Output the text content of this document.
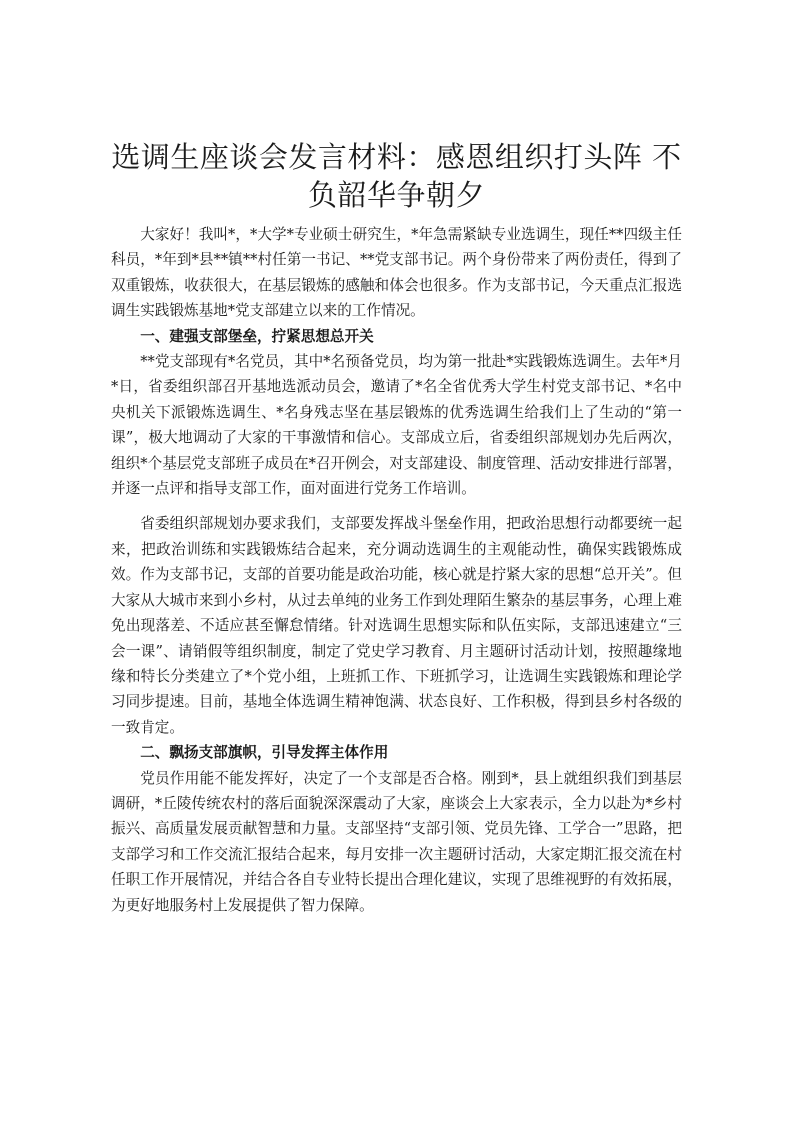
选调生座谈会发言材料：感恩组织打头阵 不负韶华争朝夕

大家好！我叫*，*大学*专业硕士研究生，*年急需紧缺专业选调生，现任**四级主任科员，*年到*县**镇**村任第一书记、**党支部书记。两个身份带来了两份责任，得到了双重锻炼，收获很大，在基层锻炼的感触和体会也很多。作为支部书记，今天重点汇报选调生实践锻炼基地*党支部建立以来的工作情况。

一、建强支部堡垒，拧紧思想总开关

**党支部现有*名党员，其中*名预备党员，均为第一批赴*实践锻炼选调生。去年*月*日，省委组织部召开基地选派动员会，邀请了*名全省优秀大学生村党支部书记、*名中央机关下派锻炼选调生、*名身残志坚在基层锻炼的优秀选调生给我们上了生动的“第一课”，极大地调动了大家的干事激情和信心。支部成立后，省委组织部规划办先后两次，组织*个基层党支部班子成员在*召开例会，对支部建设、制度管理、活动安排进行部署，并逐一点评和指导支部工作，面对面进行党务工作培训。

省委组织部规划办要求我们，支部要发挥战斗堡垒作用，把政治思想行动都要统一起来，把政治训练和实践锻炼结合起来，充分调动选调生的主观能动性，确保实践锻炼成效。作为支部书记，支部的首要功能是政治功能，核心就是拧紧大家的思想“总开关”。但大家从大城市来到小乡村，从过去单纯的业务工作到处理陌生繁杂的基层事务，心理上难免出现落差、不适应甚至懈怠情绪。针对选调生思想实际和队伍实际，支部迅速建立“三会一课”、请销假等组织制度，制定了党史学习教育、月主题研讨活动计划，按照趣缘地缘和特长分类建立了*个党小组，上班抓工作、下班抓学习，让选调生实践锻炼和理论学习同步提速。目前，基地全体选调生精神饱满、状态良好、工作积极，得到县乡村各级的一致肯定。

二、飘扬支部旗帜，引导发挥主体作用

党员作用能不能发挥好，决定了一个支部是否合格。刚到*，县上就组织我们到基层调研，*丘陵传统农村的落后面貌深深震动了大家，座谈会上大家表示，全力以赴为*乡村振兴、高质量发展贡献智慧和力量。支部坚持“支部引领、党员先锋、工学合一”思路，把支部学习和工作交流汇报结合起来，每月安排一次主题研讨活动，大家定期汇报交流在村任职工作开展情况，并结合各自专业特长提出合理化建议，实现了思维视野的有效拓展，为更好地服务村上发展提供了智力保障。
